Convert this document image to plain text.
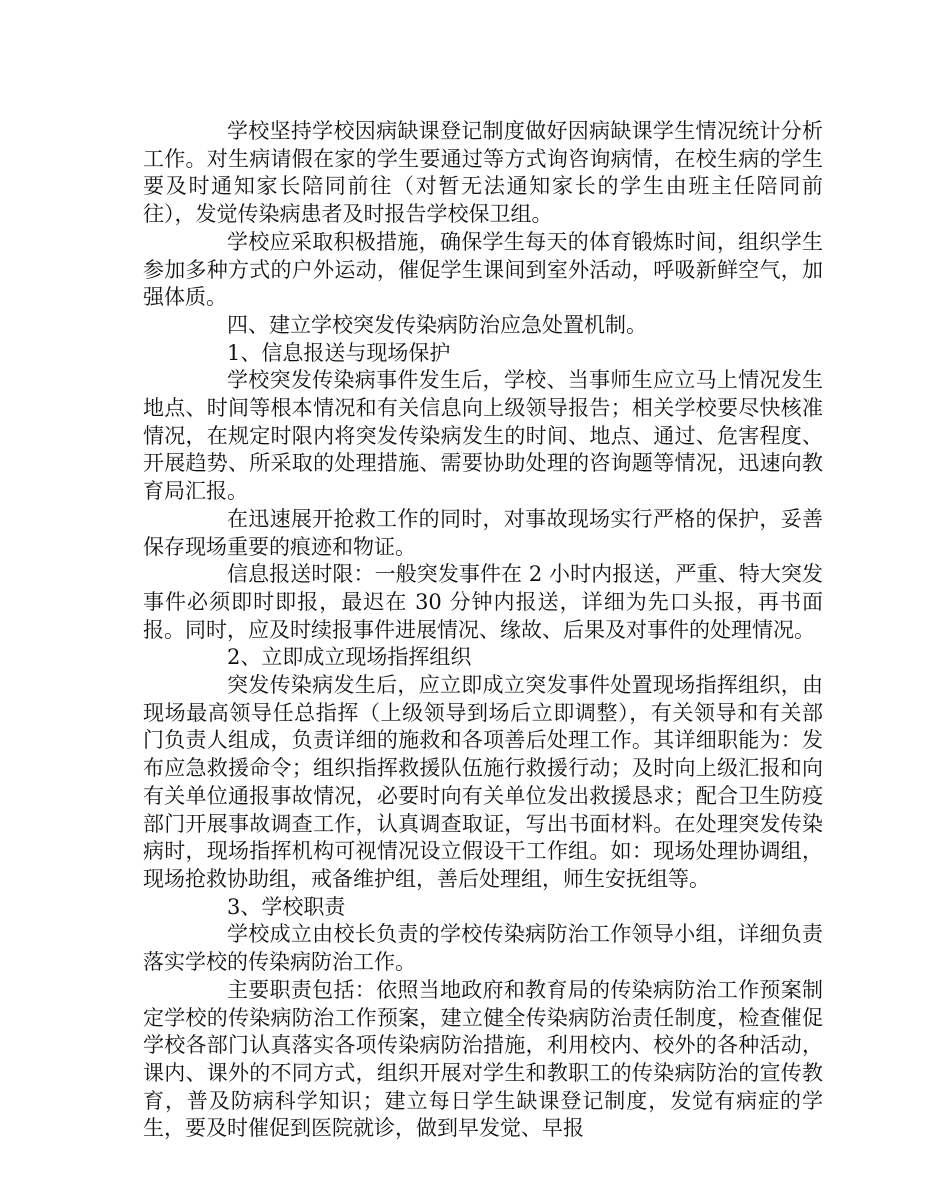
学校坚持学校因病缺课登记制度做好因病缺课学生情况统计分析工作。对生病请假在家的学生要通过等方式询咨询病情，在校生病的学生要及时通知家长陪同前往（对暂无法通知家长的学生由班主任陪同前往），发觉传染病患者及时报告学校保卫组。

学校应采取积极措施，确保学生每天的体育锻炼时间，组织学生参加多种方式的户外运动，催促学生课间到室外活动，呼吸新鲜空气，加强体质。

四、建立学校突发传染病防治应急处置机制。

1、信息报送与现场保护

学校突发传染病事件发生后，学校、当事师生应立马上情况发生地点、时间等根本情况和有关信息向上级领导报告；相关学校要尽快核准情况，在规定时限内将突发传染病发生的时间、地点、通过、危害程度、开展趋势、所采取的处理措施、需要协助处理的咨询题等情况，迅速向教育局汇报。

在迅速展开抢救工作的同时，对事故现场实行严格的保护，妥善保存现场重要的痕迹和物证。

信息报送时限：一般突发事件在 2 小时内报送，严重、特大突发事件必须即时即报，最迟在 30 分钟内报送，详细为先口头报，再书面报。同时，应及时续报事件进展情况、缘故、后果及对事件的处理情况。

2、立即成立现场指挥组织

突发传染病发生后，应立即成立突发事件处置现场指挥组织，由现场最高领导任总指挥（上级领导到场后立即调整），有关领导和有关部门负责人组成，负责详细的施救和各项善后处理工作。其详细职能为：发布应急救援命令；组织指挥救援队伍施行救援行动；及时向上级汇报和向有关单位通报事故情况，必要时向有关单位发出救援恳求；配合卫生防疫部门开展事故调查工作，认真调查取证，写出书面材料。在处理突发传染病时，现场指挥机构可视情况设立假设干工作组。如：现场处理协调组，现场抢救协助组，戒备维护组，善后处理组，师生安抚组等。

3、学校职责

学校成立由校长负责的学校传染病防治工作领导小组，详细负责落实学校的传染病防治工作。

主要职责包括：依照当地政府和教育局的传染病防治工作预案制定学校的传染病防治工作预案，建立健全传染病防治责任制度，检查催促学校各部门认真落实各项传染病防治措施，利用校内、校外的各种活动，课内、课外的不同方式，组织开展对学生和教职工的传染病防治的宣传教育，普及防病科学知识；建立每日学生缺课登记制度，发觉有病症的学生，要及时催促到医院就诊，做到早发觉、早报
